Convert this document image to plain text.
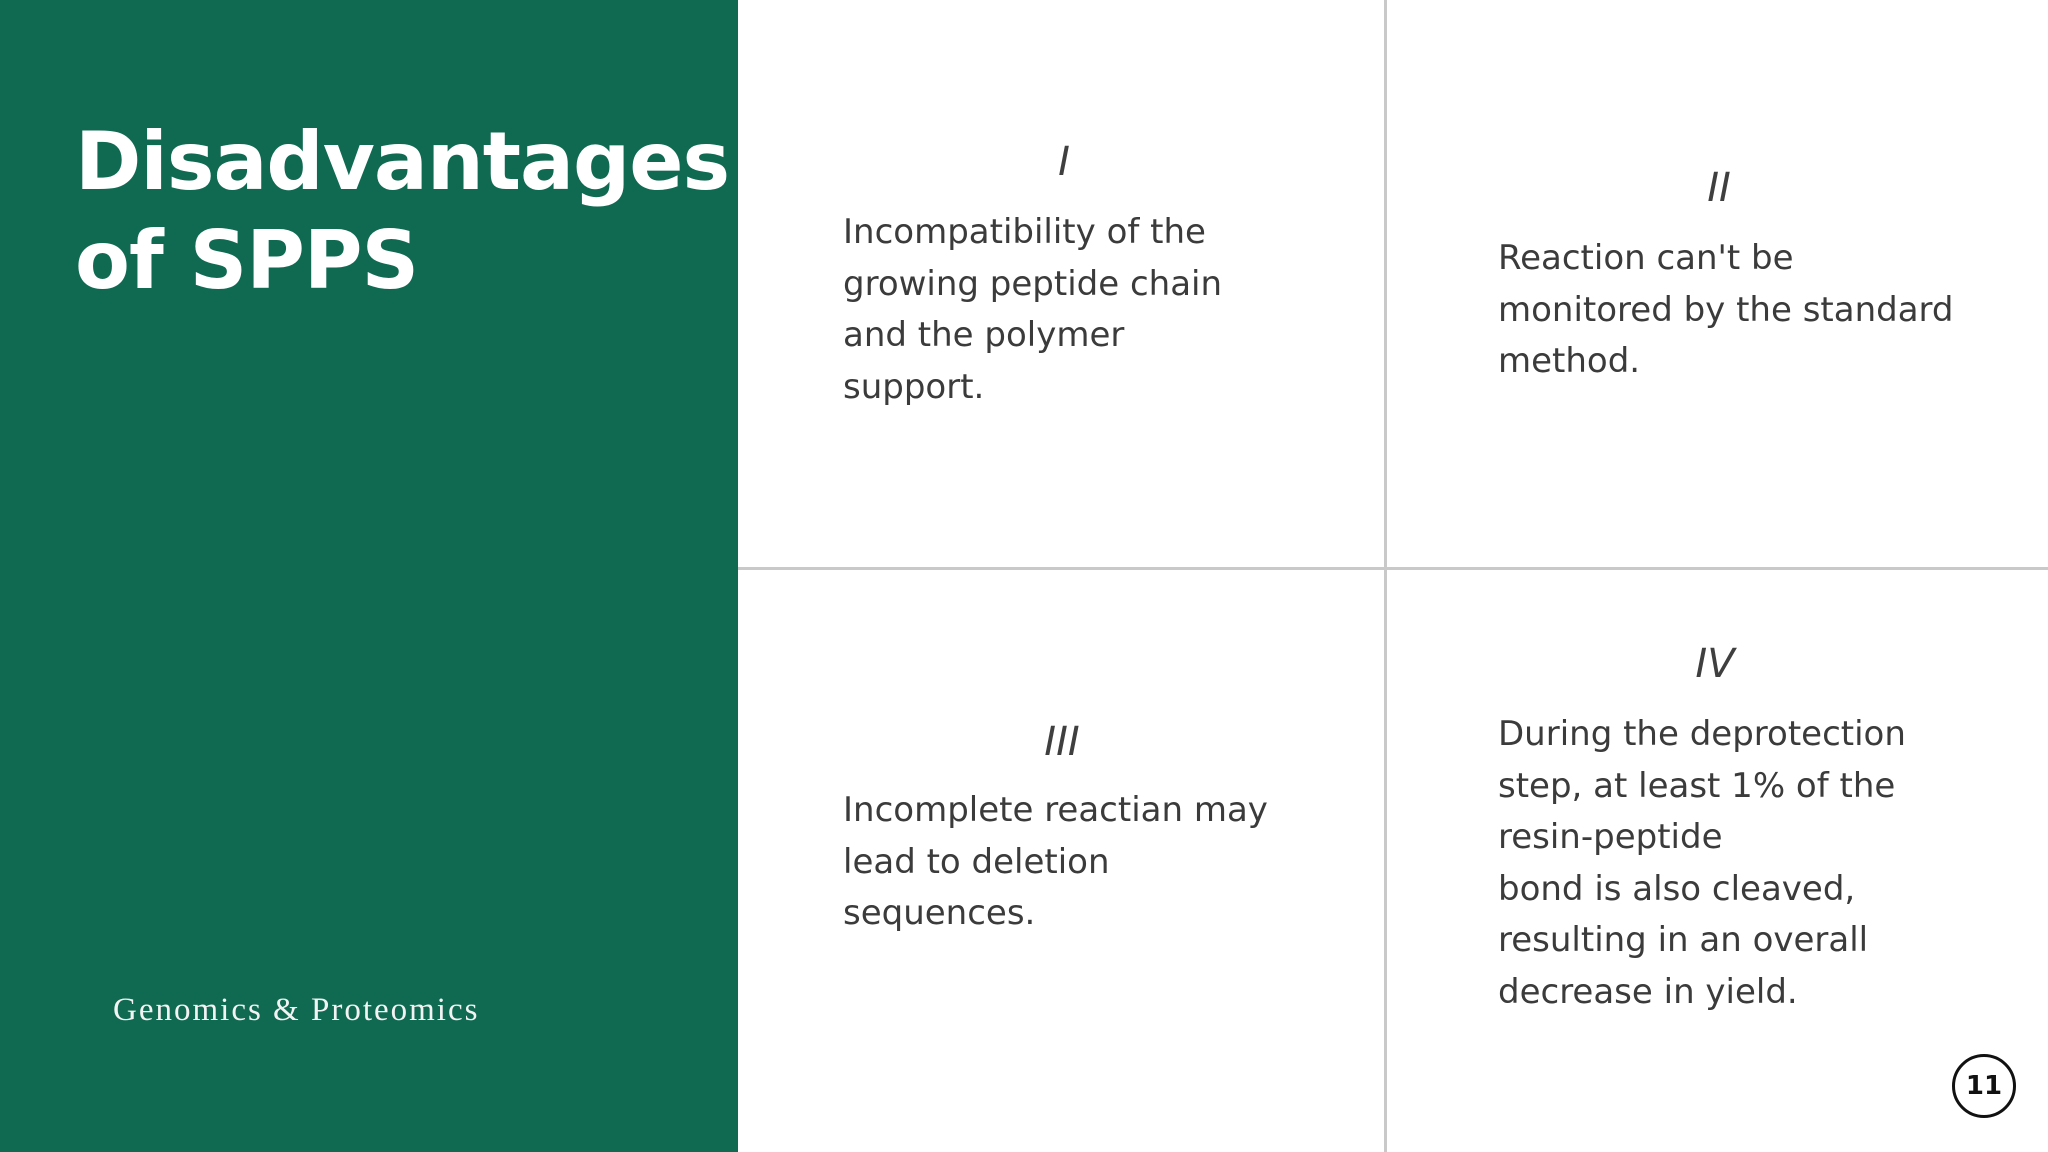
Disadvantages of SPPS
Genomics & Proteomics
I
Incompatibility of the
growing peptide chain
and the polymer
support.
II
Reaction can't be
monitored by the standard
method.
III
Incomplete reactian may
lead to deletion
sequences.
IV
During the deprotection
step, at least 1% of the
resin-peptide
bond is also cleaved,
resulting in an overall
decrease in yield.
11
